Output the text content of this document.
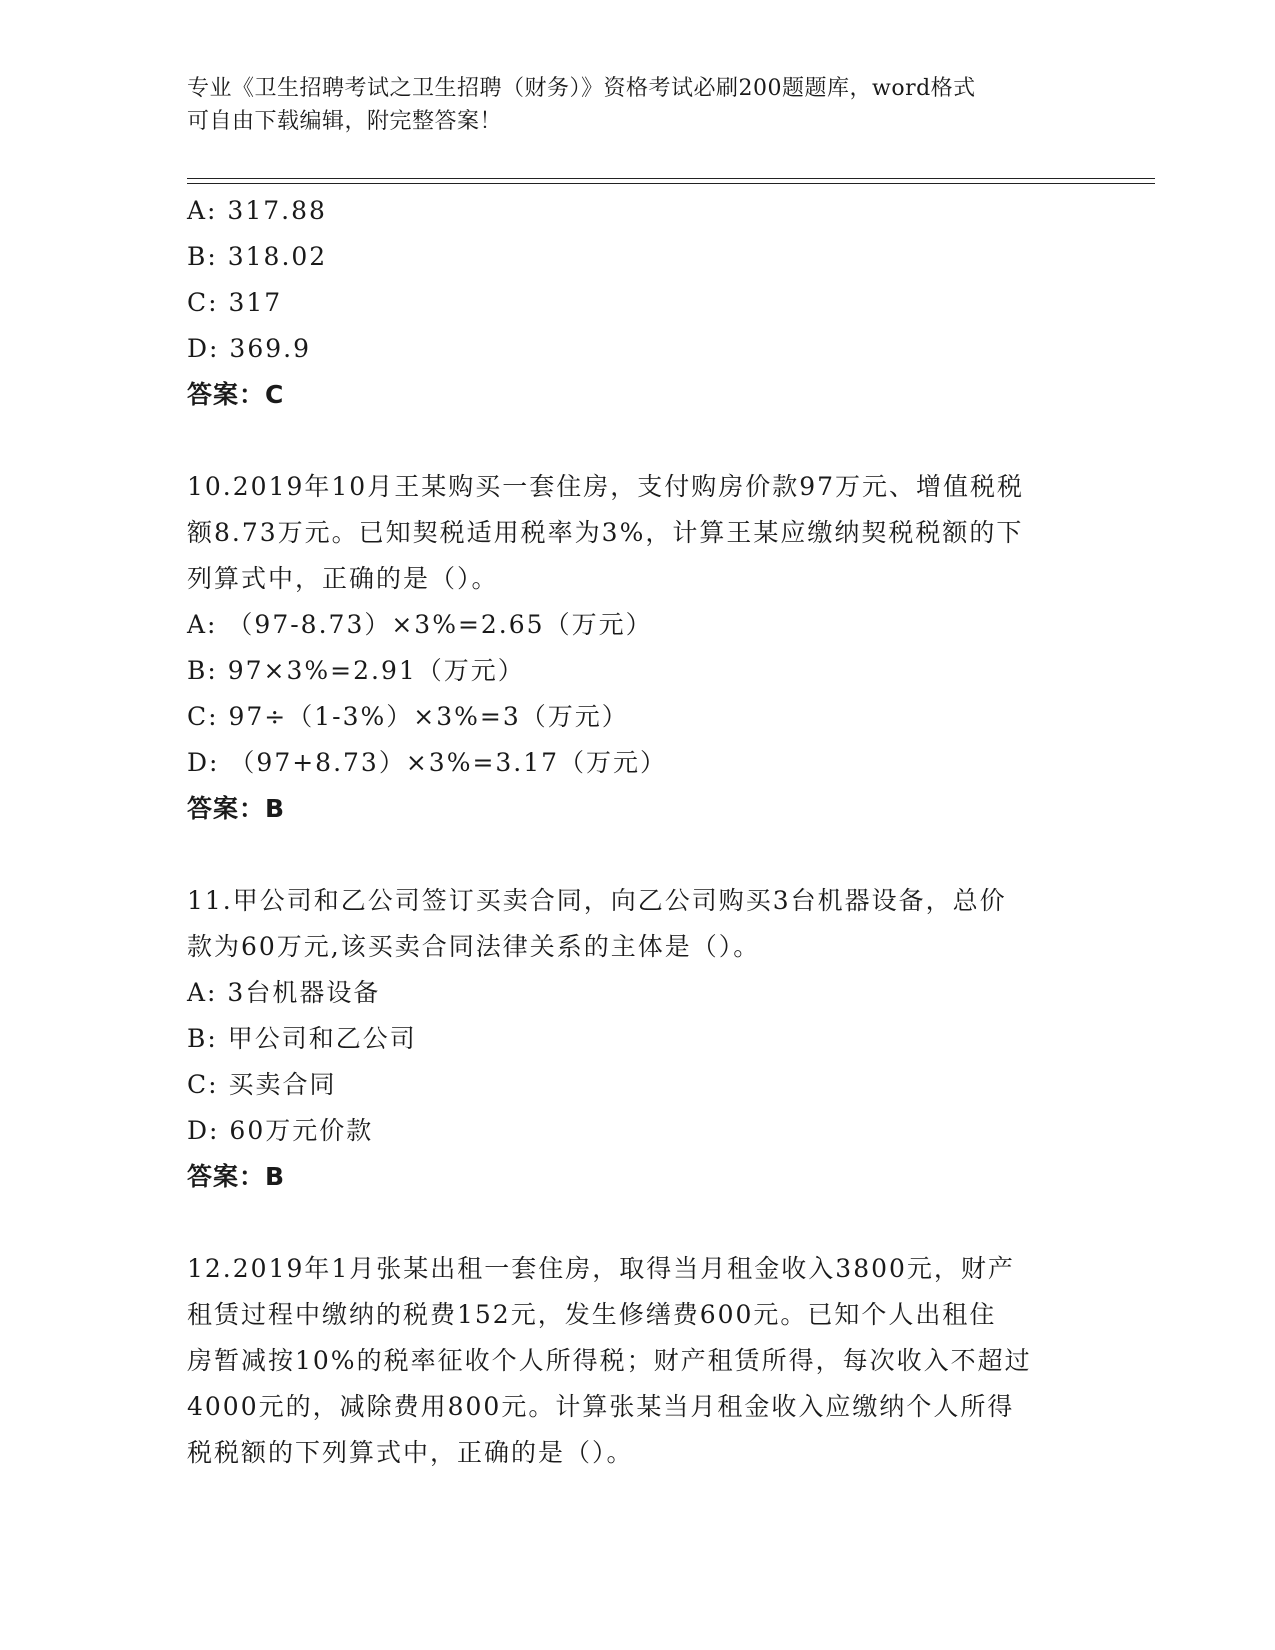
专业《卫生招聘考试之卫生招聘（财务）》资格考试必刷200题题库，word格式
可自由下载编辑，附完整答案！
A: 317.88
B: 318.02
C: 317
D: 369.9
答案：C
10.2019年10月王某购买一套住房，支付购房价款97万元、增值税税
额8.73万元。已知契税适用税率为3%，计算王某应缴纳契税税额的下
列算式中，正确的是（）。
A: （97-8.73）×3%=2.65（万元）
B: 97×3%=2.91（万元）
C: 97÷（1-3%）×3%=3（万元）
D: （97+8.73）×3%=3.17（万元）
答案：B
11.甲公司和乙公司签订买卖合同，向乙公司购买3台机器设备，总价
款为60万元,该买卖合同法律关系的主体是（）。
A: 3台机器设备
B: 甲公司和乙公司
C: 买卖合同
D: 60万元价款
答案：B
12.2019年1月张某出租一套住房，取得当月租金收入3800元，财产
租赁过程中缴纳的税费152元，发生修缮费600元。已知个人出租住
房暂减按10%的税率征收个人所得税；财产租赁所得，每次收入不超过
4000元的，减除费用800元。计算张某当月租金收入应缴纳个人所得
税税额的下列算式中，正确的是（）。
